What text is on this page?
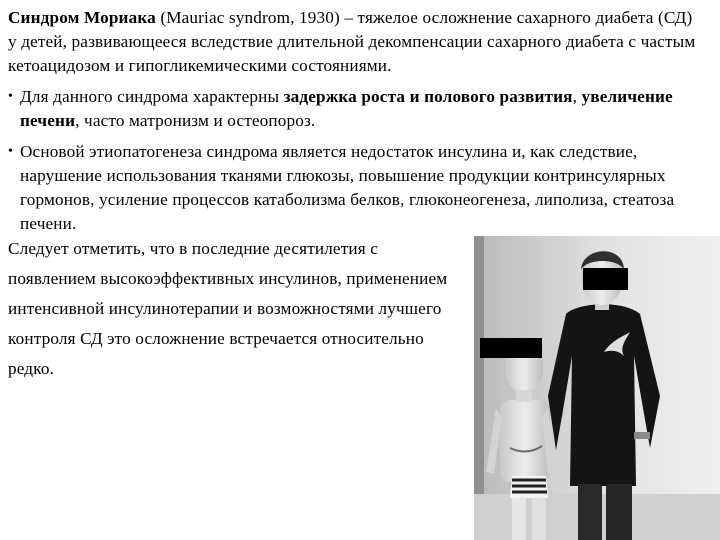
Синдром Мориака (Mauriac syndrom, 1930) – тяжелое осложнение сахарного диабета (СД) у детей, развивающееся вследствие длительной декомпенсации сахарного диабета с частым кетоацидозом и гипогликемическими состояниями.

• Для данного синдрома характерны задержка роста и полового развития, увеличение печени, часто матронизм и остеопороз.

• Основой этиопатогенеза синдрома является недостаток инсулина и, как следствие, нарушение использования тканями глюкозы, повышение продукции контринсулярных гормонов, усиление процессов катаболизма белков, глюконеогенеза, липолиза, стеатоза печени.

Следует отметить, что в последние десятилетия с появлением высокоэффективных инсулинов, применением интенсивной инсулинотерапии и возможностями лучшего контроля СД это осложнение встречается относительно редко.
